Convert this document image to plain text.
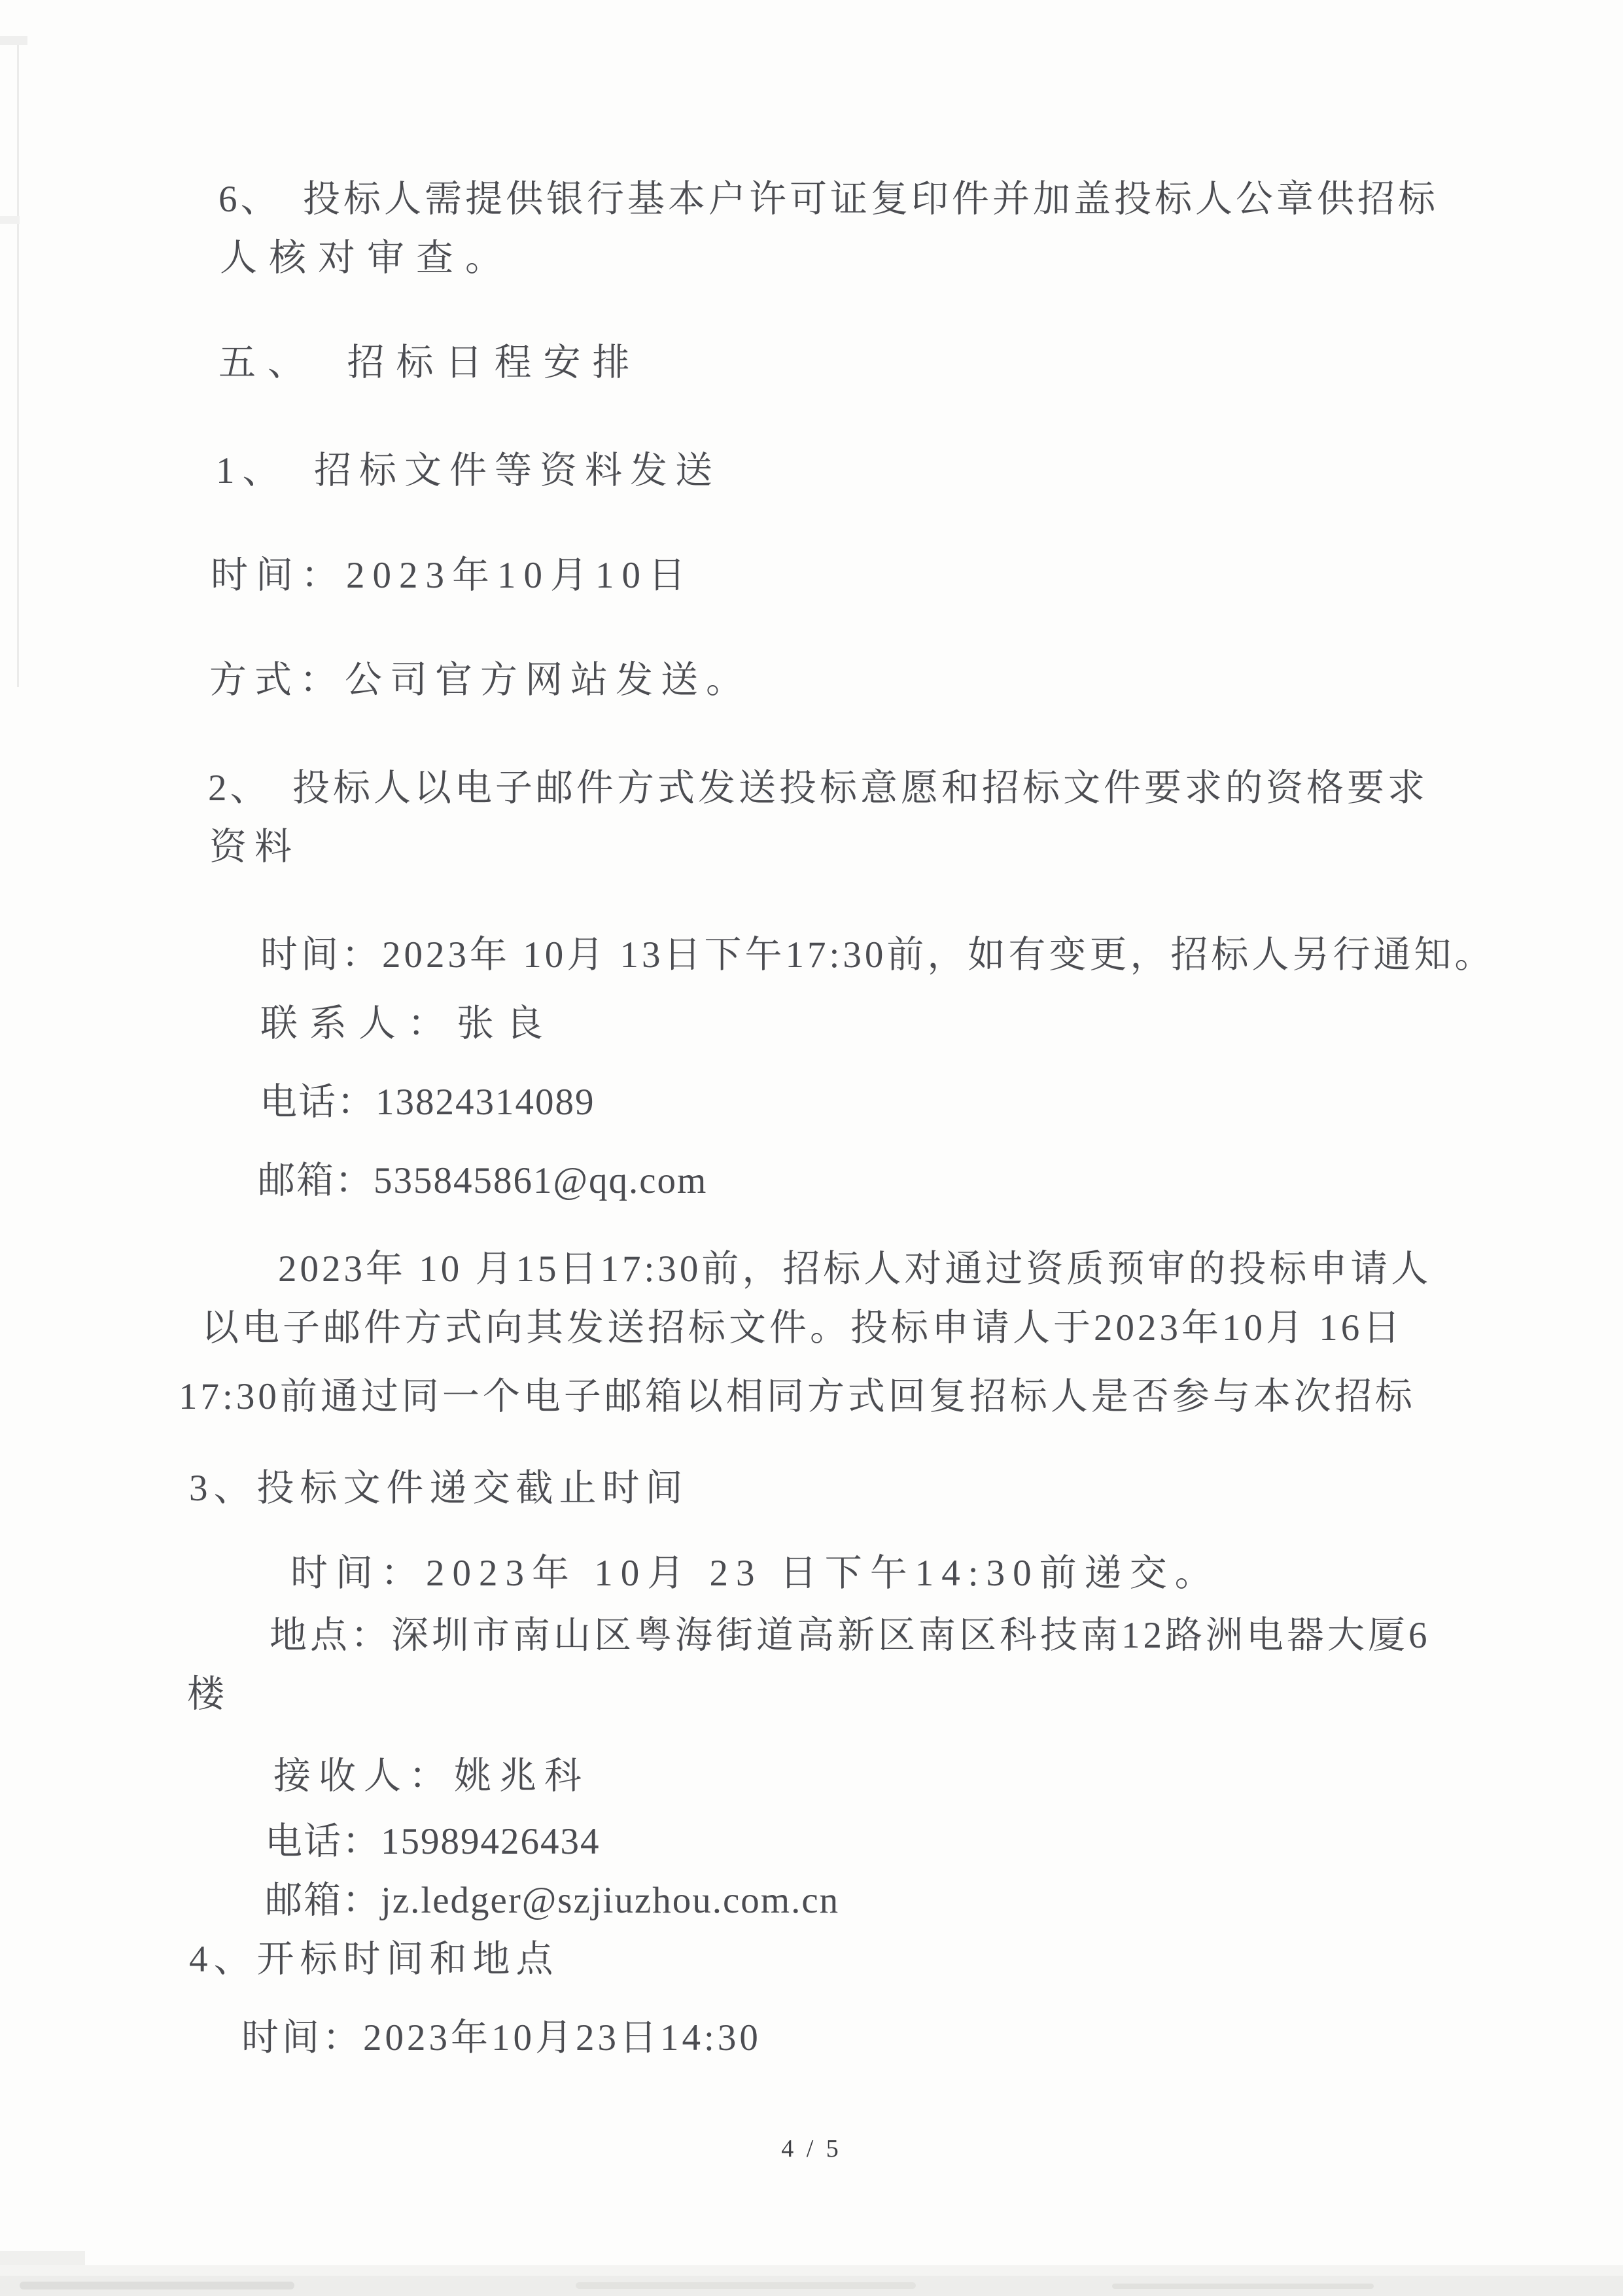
6、　投标人需提供银行基本户许可证复印件并加盖投标人公章供招标
人核对审查。
五、　招标日程安排
1、　招标文件等资料发送
时间：2023年10月10日
方式：公司官方网站发送。
2、　投标人以电子邮件方式发送投标意愿和招标文件要求的资格要求
资料
时间：2023年 10月 13日下午17:30前，如有变更，招标人另行通知。
联系人：张良
电话：13824314089
邮箱：535845861@qq.com
2023年 10 月15日17:30前，招标人对通过资质预审的投标申请人
以电子邮件方式向其发送招标文件。投标申请人于2023年10月 16日
17:30前通过同一个电子邮箱以相同方式回复招标人是否参与本次招标
3、投标文件递交截止时间
时间：2023年 10月 23 日下午14:30前递交。
地点：深圳市南山区粤海街道高新区南区科技南12路洲电器大厦6
楼
接收人：姚兆科
电话：15989426434
邮箱：jz.ledger@szjiuzhou.com.cn
4、开标时间和地点
时间：2023年10月23日14:30
4 / 5
